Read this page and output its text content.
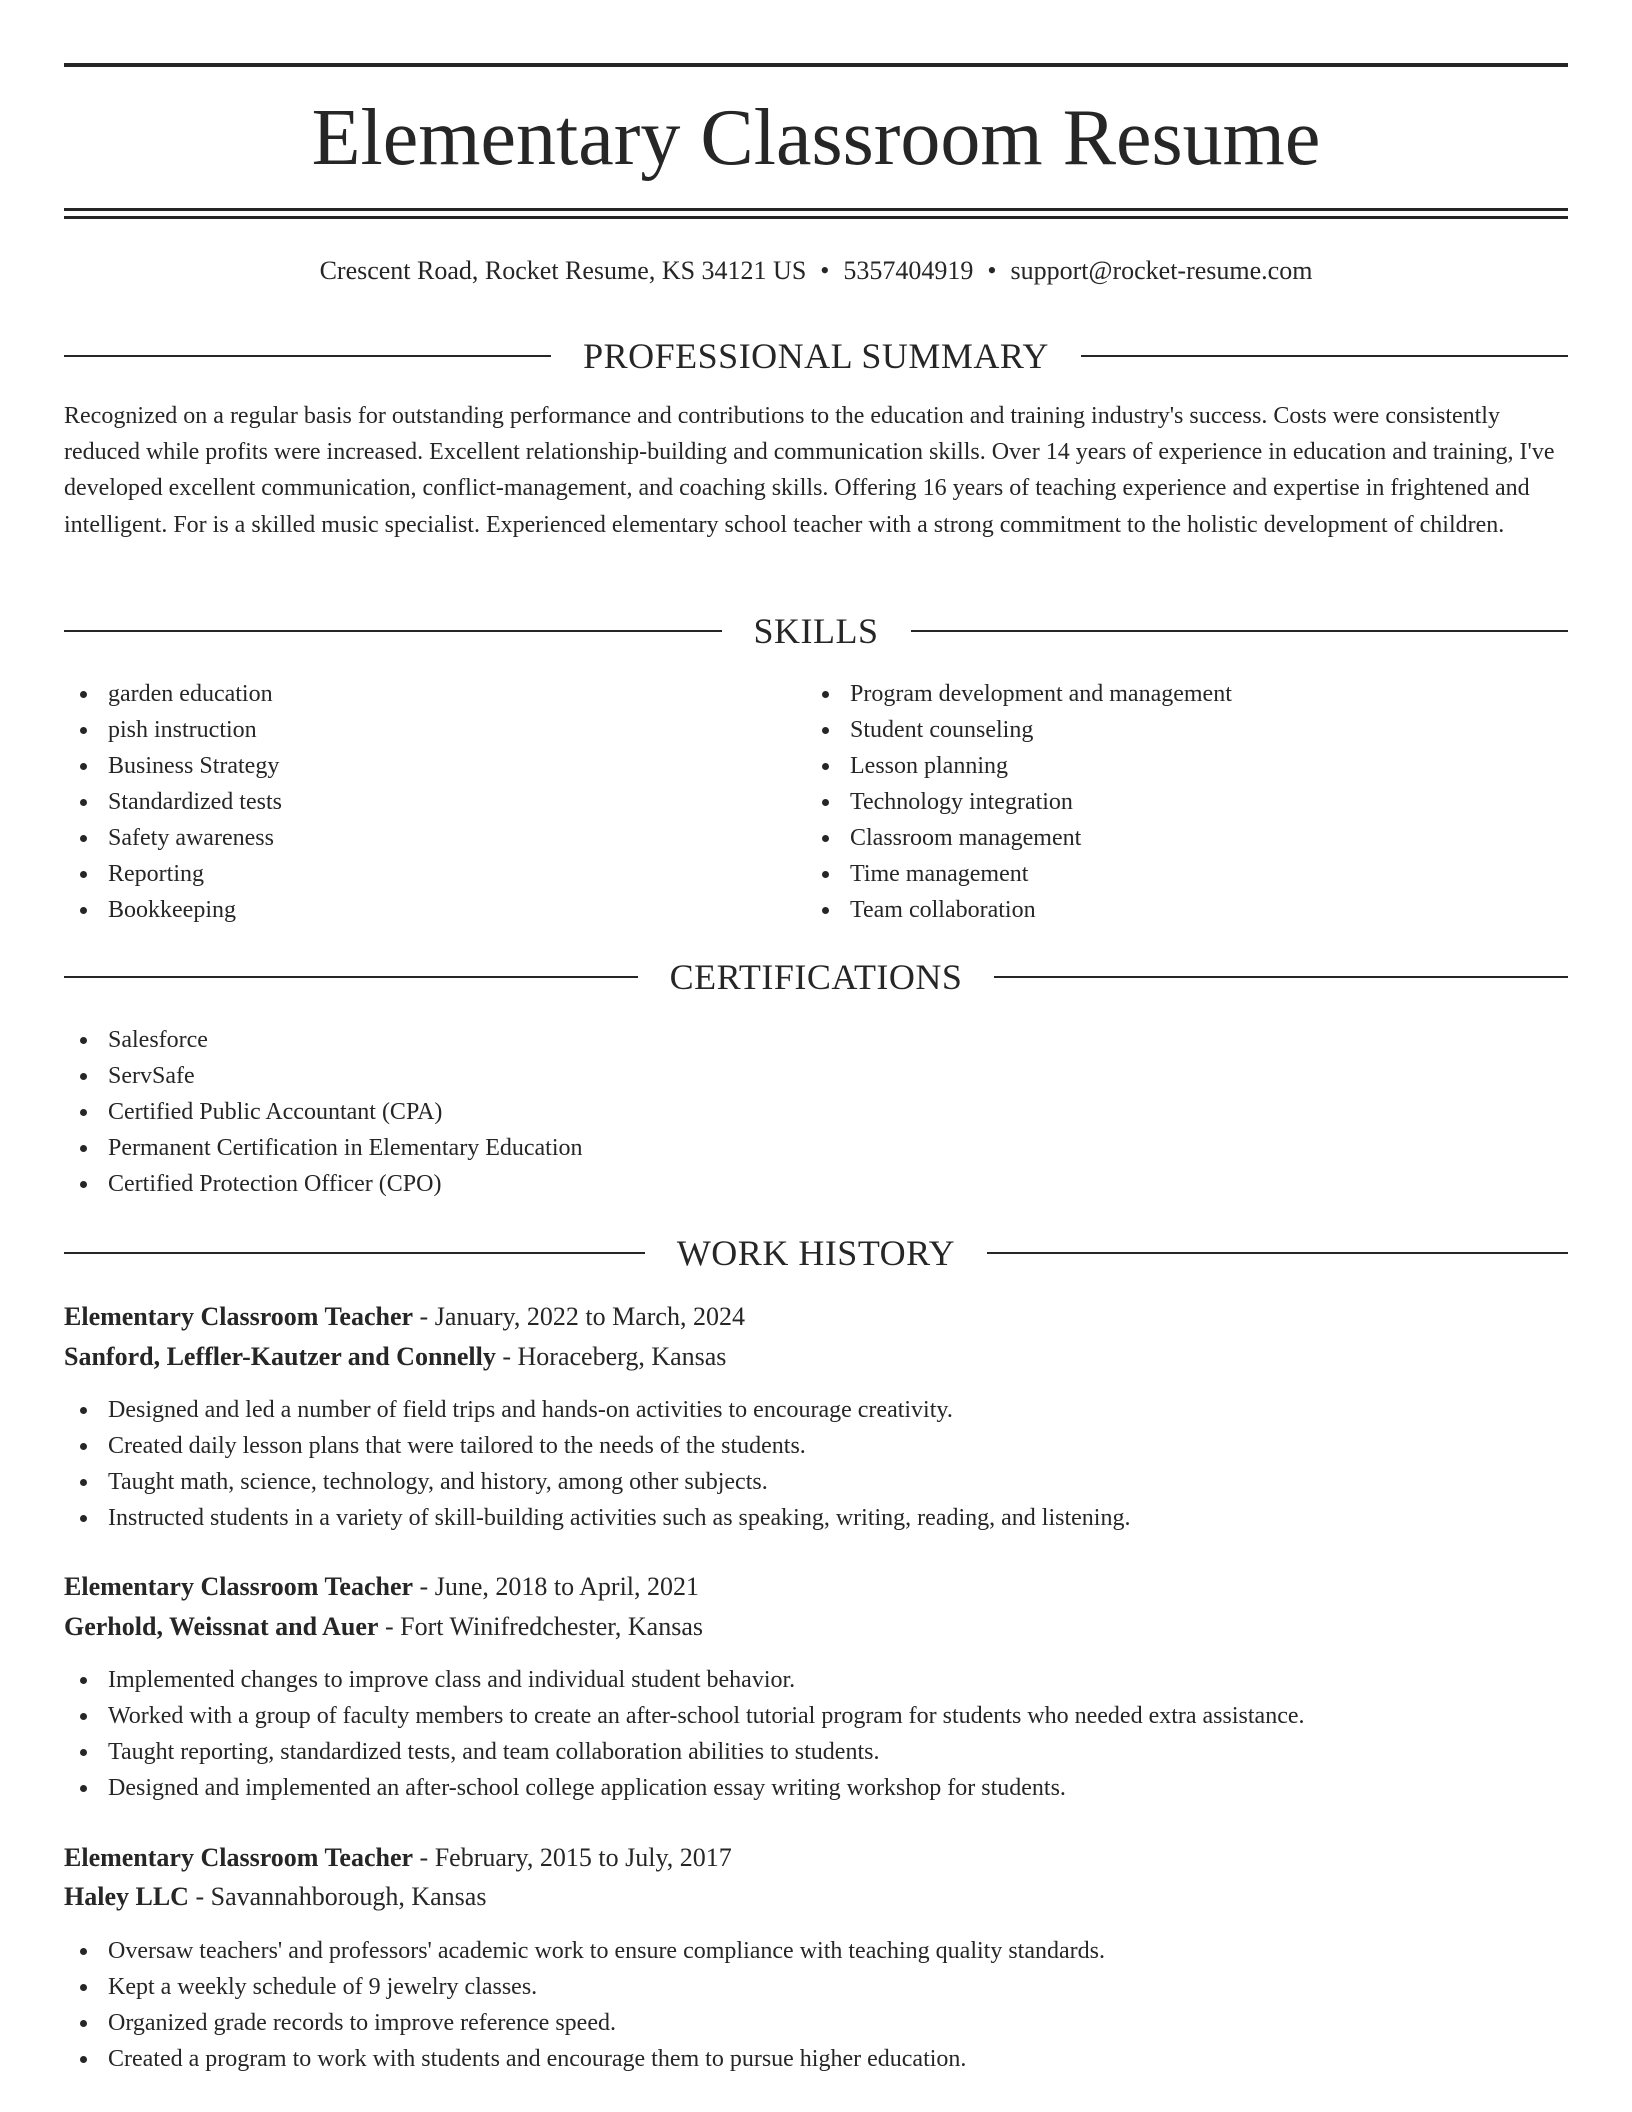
Elementary Classroom Resume
Crescent Road, Rocket Resume, KS 34121 US • 5357404919 • support@rocket-resume.com
PROFESSIONAL SUMMARY

Recognized on a regular basis for outstanding performance and contributions to the education and training industry's success. Costs were consistently reduced while profits were increased. Excellent relationship-building and communication skills. Over 14 years of experience in education and training, I've developed excellent communication, conflict-management, and coaching skills. Offering 16 years of teaching experience and expertise in frightened and intelligent. For is a skilled music specialist. Experienced elementary school teacher with a strong commitment to the holistic development of children.

SKILLS
garden education
pish instruction
Business Strategy
Standardized tests
Safety awareness
Reporting
Bookkeeping
Program development and management
Student counseling
Lesson planning
Technology integration
Classroom management
Time management
Team collaboration
CERTIFICATIONS
Salesforce
ServSafe
Certified Public Accountant (CPA)
Permanent Certification in Elementary Education
Certified Protection Officer (CPO)
WORK HISTORY
Elementary Classroom Teacher - January, 2022 to March, 2024
Sanford, Leffler-Kautzer and Connelly - Horaceberg, Kansas
Designed and led a number of field trips and hands-on activities to encourage creativity.
Created daily lesson plans that were tailored to the needs of the students.
Taught math, science, technology, and history, among other subjects.
Instructed students in a variety of skill-building activities such as speaking, writing, reading, and listening.
Elementary Classroom Teacher - June, 2018 to April, 2021
Gerhold, Weissnat and Auer - Fort Winifredchester, Kansas
Implemented changes to improve class and individual student behavior.
Worked with a group of faculty members to create an after-school tutorial program for students who needed extra assistance.
Taught reporting, standardized tests, and team collaboration abilities to students.
Designed and implemented an after-school college application essay writing workshop for students.
Elementary Classroom Teacher - February, 2015 to July, 2017
Haley LLC - Savannahborough, Kansas
Oversaw teachers' and professors' academic work to ensure compliance with teaching quality standards.
Kept a weekly schedule of 9 jewelry classes.
Organized grade records to improve reference speed.
Created a program to work with students and encourage them to pursue higher education.
